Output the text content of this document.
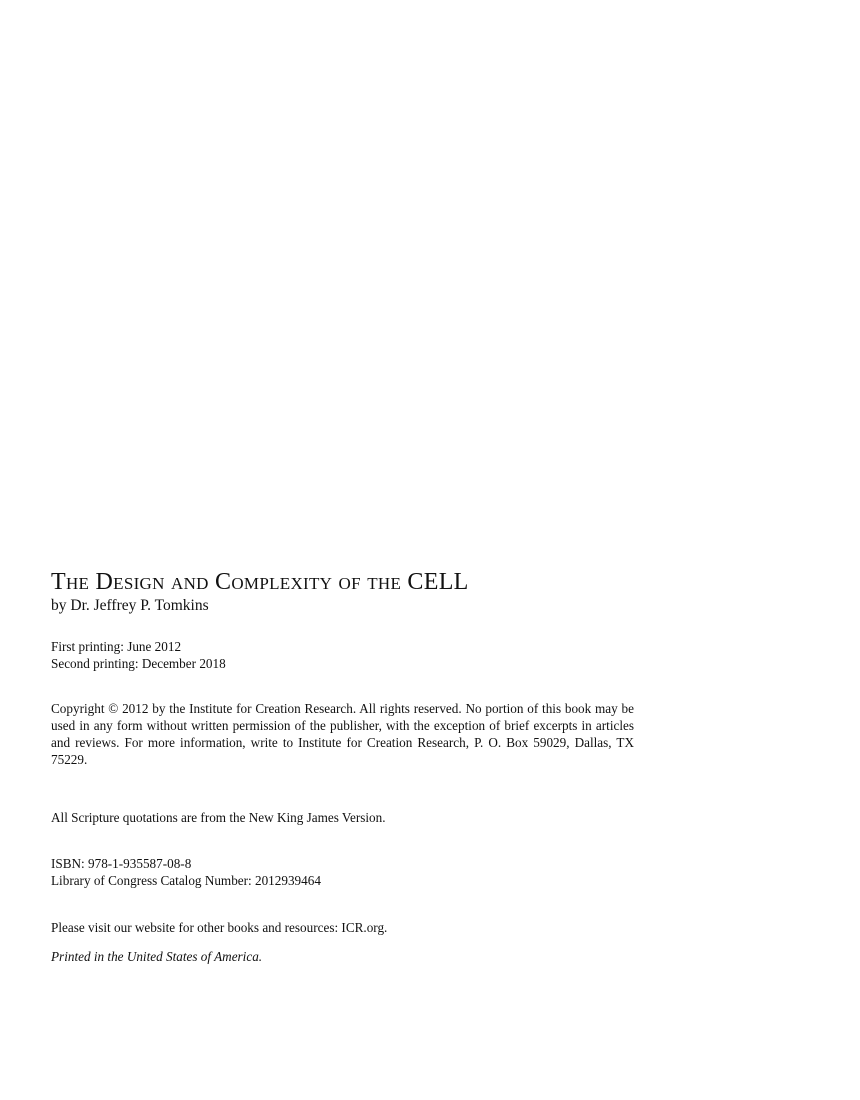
The Design and Complexity of the CELL
by Dr. Jeffrey P. Tomkins
First printing: June 2012
Second printing: December 2018
Copyright © 2012 by the Institute for Creation Research. All rights reserved. No portion of this book may be used in any form without written permission of the publisher, with the exception of brief excerpts in articles and reviews. For more information, write to Institute for Creation Research, P. O. Box 59029, Dallas, TX 75229.
All Scripture quotations are from the New King James Version.
ISBN: 978-1-935587-08-8
Library of Congress Catalog Number: 2012939464
Please visit our website for other books and resources: ICR.org.
Printed in the United States of America.
